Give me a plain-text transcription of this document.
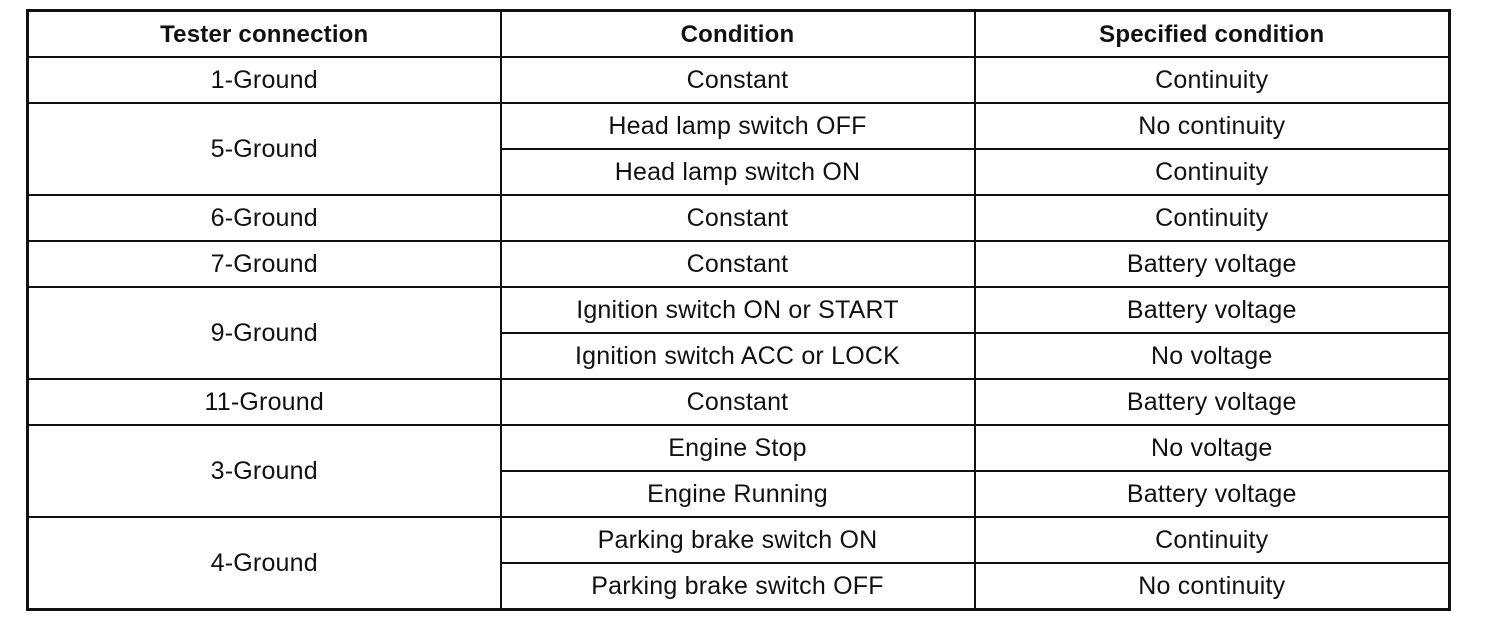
Tester connection	Condition	Specified condition
1-Ground	Constant	Continuity
5-Ground	Head lamp switch OFF	No continuity
	Head lamp switch ON	Continuity
6-Ground	Constant	Continuity
7-Ground	Constant	Battery voltage
9-Ground	Ignition switch ON or START	Battery voltage
	Ignition switch ACC or LOCK	No voltage
11-Ground	Constant	Battery voltage
3-Ground	Engine Stop	No voltage
	Engine Running	Battery voltage
4-Ground	Parking brake switch ON	Continuity
	Parking brake switch OFF	No continuity
